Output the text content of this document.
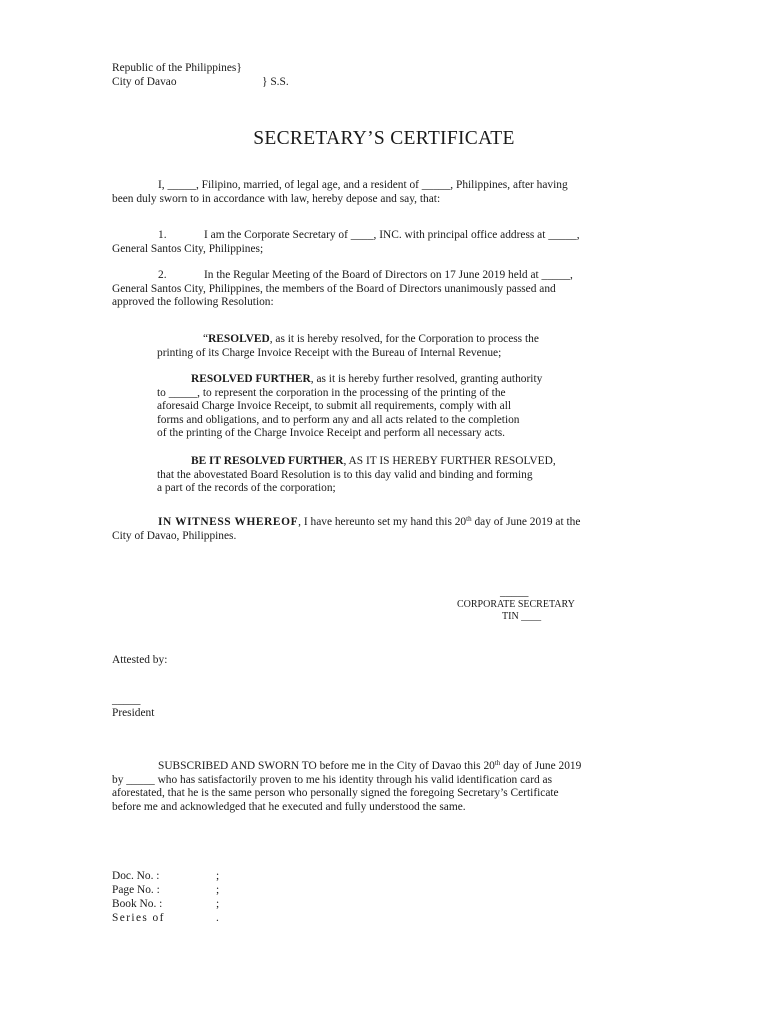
Republic of the Philippines}
City of Davao	} S.S.
SECRETARY’S CERTIFICATE
I, _____, Filipino, married, of legal age, and a resident of _____, Philippines, after having
been duly sworn to in accordance with law, hereby depose and say, that:
1.	I am the Corporate Secretary of ____, INC. with principal office address at _____,
General Santos City, Philippines;
2.	In the Regular Meeting of the Board of Directors on 17 June 2019 held at _____,
General Santos City, Philippines, the members of the Board of Directors unanimously passed and
approved the following Resolution:
“RESOLVED, as it is hereby resolved, for the Corporation to process the
printing of its Charge Invoice Receipt with the Bureau of Internal Revenue;
RESOLVED FURTHER, as it is hereby further resolved, granting authority
to _____, to represent the corporation in the processing of the printing of the
aforesaid Charge Invoice Receipt, to submit all requirements, comply with all
forms and obligations, and to perform any and all acts related to the completion
of the printing of the Charge Invoice Receipt and perform all necessary acts.
BE IT RESOLVED FURTHER, AS IT IS HEREBY FURTHER RESOLVED,
that the abovestated Board Resolution is to this day valid and binding and forming
a part of the records of the corporation;
IN WITNESS WHEREOF, I have hereunto set my hand this 20th day of June 2019 at the
City of Davao, Philippines.
_____
CORPORATE SECRETARY
TIN ____
Attested by:
_____
President
SUBSCRIBED AND SWORN TO before me in the City of Davao this 20th day of June 2019
by _____ who has satisfactorily proven to me his identity through his valid identification card as
aforestated, that he is the same person who personally signed the foregoing Secretary’s Certificate
before me and acknowledged that he executed and fully understood the same.
Doc. No. :	;
Page No. :	;
Book No. :	;
Series of	.
